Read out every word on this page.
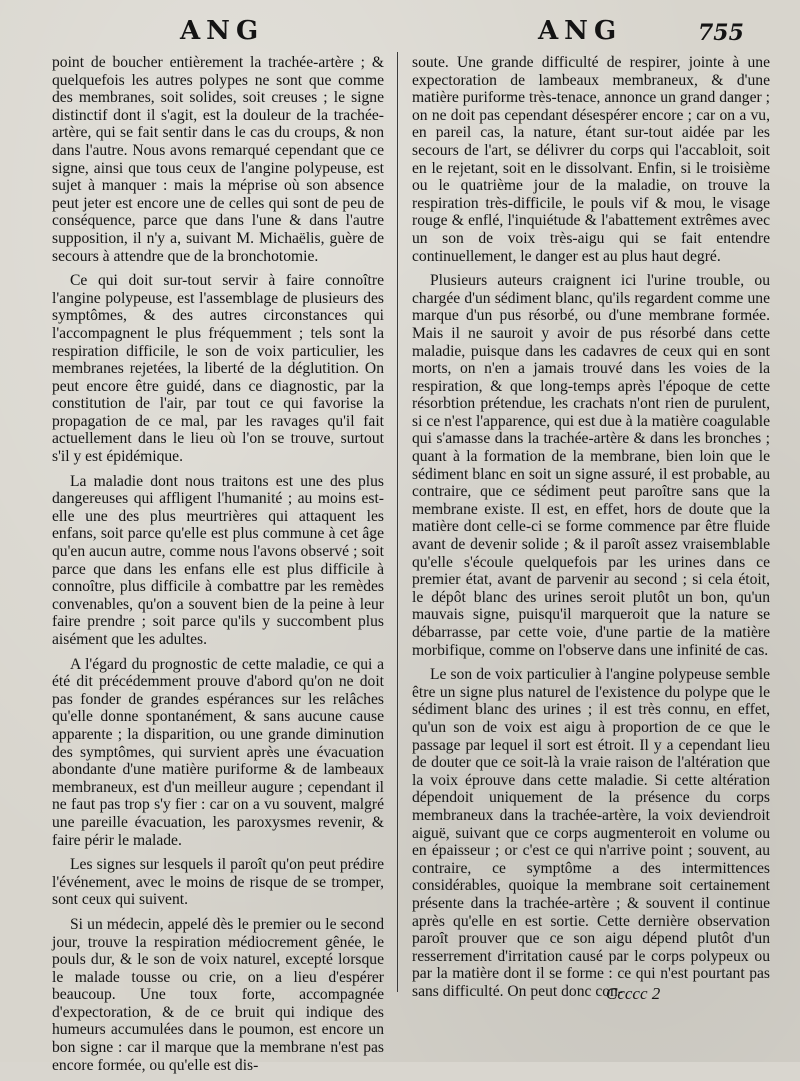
ANG	ANG	755

point de boucher entièrement la trachée-artère ; & quelquefois les autres polypes ne sont que comme des membranes, soit solides, soit creuses ; le signe distinctif dont il s'agit, est la douleur de la trachée-artère, qui se fait sentir dans le cas du croups, & non dans l'autre. Nous avons remarqué cependant que ce signe, ainsi que tous ceux de l'angine polypeuse, est sujet à manquer : mais la méprise où son absence peut jeter est encore une de celles qui sont de peu de conséquence, parce que dans l'une & dans l'autre supposition, il n'y a, suivant M. Michaëlis, guère de secours à attendre que de la bronchotomie.

Ce qui doit sur-tout servir à faire connoître l'angine polypeuse, est l'assemblage de plusieurs des symptômes, & des autres circonstances qui l'accompagnent le plus fréquemment ; tels sont la respiration difficile, le son de voix particulier, les membranes rejetées, la liberté de la déglutition. On peut encore être guidé, dans ce diagnostic, par la constitution de l'air, par tout ce qui favorise la propagation de ce mal, par les ravages qu'il fait actuellement dans le lieu où l'on se trouve, surtout s'il y est épidémique.

La maladie dont nous traitons est une des plus dangereuses qui affligent l'humanité ; au moins est-elle une des plus meurtrières qui attaquent les enfans, soit parce qu'elle est plus commune à cet âge qu'en aucun autre, comme nous l'avons observé ; soit parce que dans les enfans elle est plus difficile à connoître, plus difficile à combattre par les remèdes convenables, qu'on a souvent bien de la peine à leur faire prendre ; soit parce qu'ils y succombent plus aisément que les adultes.

A l'égard du prognostic de cette maladie, ce qui a été dit précédemment prouve d'abord qu'on ne doit pas fonder de grandes espérances sur les relâches qu'elle donne spontanément, & sans aucune cause apparente ; la disparition, ou une grande diminution des symptômes, qui survient après une évacuation abondante d'une matière puriforme & de lambeaux membraneux, est d'un meilleur augure ; cependant il ne faut pas trop s'y fier : car on a vu souvent, malgré une pareille évacuation, les paroxysmes revenir, & faire périr le malade.

Les signes sur lesquels il paroît qu'on peut prédire l'événement, avec le moins de risque de se tromper, sont ceux qui suivent.

Si un médecin, appelé dès le premier ou le second jour, trouve la respiration médiocrement gênée, le pouls dur, & le son de voix naturel, excepté lorsque le malade tousse ou crie, on a lieu d'espérer beaucoup. Une toux forte, accompagnée d'expectoration, & de ce bruit qui indique des humeurs accumulées dans le poumon, est encore un bon signe : car il marque que la membrane n'est pas encore formée, ou qu'elle est dis-

soute. Une grande difficulté de respirer, jointe à une expectoration de lambeaux membraneux, & d'une matière puriforme très-tenace, annonce un grand danger ; on ne doit pas cependant désespérer encore ; car on a vu, en pareil cas, la nature, étant sur-tout aidée par les secours de l'art, se délivrer du corps qui l'accabloit, soit en le rejetant, soit en le dissolvant. Enfin, si le troisième ou le quatrième jour de la maladie, on trouve la respiration très-difficile, le pouls vif & mou, le visage rouge & enflé, l'inquiétude & l'abattement extrêmes avec un son de voix très-aigu qui se fait entendre continuellement, le danger est au plus haut degré.

Plusieurs auteurs craignent ici l'urine trouble, ou chargée d'un sédiment blanc, qu'ils regardent comme une marque d'un pus résorbé, ou d'une membrane formée. Mais il ne sauroit y avoir de pus résorbé dans cette maladie, puisque dans les cadavres de ceux qui en sont morts, on n'en a jamais trouvé dans les voies de la respiration, & que long-temps après l'époque de cette résorbtion prétendue, les crachats n'ont rien de purulent, si ce n'est l'apparence, qui est due à la matière coagulable qui s'amasse dans la trachée-artère & dans les bronches ; quant à la formation de la membrane, bien loin que le sédiment blanc en soit un signe assuré, il est probable, au contraire, que ce sédiment peut paroître sans que la membrane existe. Il est, en effet, hors de doute que la matière dont celle-ci se forme commence par être fluide avant de devenir solide ; & il paroît assez vraisemblable qu'elle s'écoule quelquefois par les urines dans ce premier état, avant de parvenir au second ; si cela étoit, le dépôt blanc des urines seroit plutôt un bon, qu'un mauvais signe, puisqu'il marqueroit que la nature se débarrasse, par cette voie, d'une partie de la matière morbifique, comme on l'observe dans une infinité de cas.

Le son de voix particulier à l'angine polypeuse semble être un signe plus naturel de l'existence du polype que le sédiment blanc des urines ; il est très connu, en effet, qu'un son de voix est aigu à proportion de ce que le passage par lequel il sort est étroit. Il y a cependant lieu de douter que ce soit-là la vraie raison de l'altération que la voix éprouve dans cette maladie. Si cette altération dépendoit uniquement de la présence du corps membraneux dans la trachée-artère, la voix deviendroit aiguë, suivant que ce corps augmenteroit en volume ou en épaisseur ; or c'est ce qui n'arrive point ; souvent, au contraire, ce symptôme a des intermittences considérables, quoique la membrane soit certainement présente dans la trachée-artère ; & souvent il continue après qu'elle en est sortie. Cette dernière observation paroît prouver que ce son aigu dépend plutôt d'un resserrement d'irritation causé par le corps polypeux ou par la matière dont il se forme : ce qui n'est pourtant pas sans difficulté. On peut donc con-

Ccccc 2
